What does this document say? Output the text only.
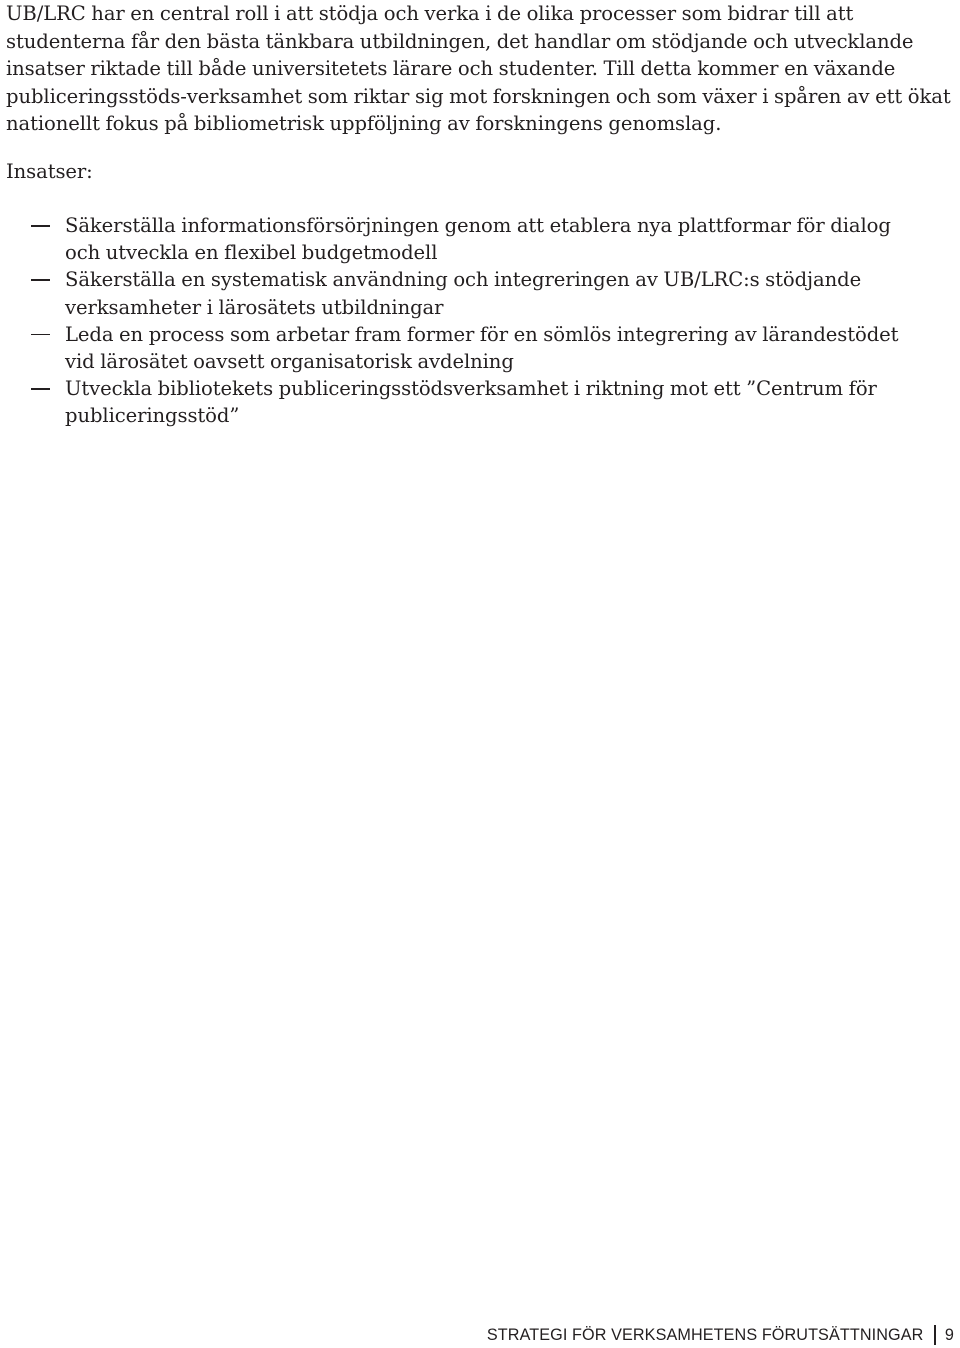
UB/LRC har en central roll i att stödja och verka i de olika processer som bidrar till att studenterna får den bästa tänkbara utbildningen, det handlar om stödjande och utvecklande insatser riktade till både universitetets lärare och studenter. Till detta kommer en växande publiceringsstöds-verksamhet som riktar sig mot forskningen och som växer i spåren av ett ökat nationellt fokus på bibliometrisk uppföljning av forskningens genomslag.

Insatser:

Säkerställa informationsförsörjningen genom att etablera nya plattformar för dialog och utveckla en flexibel budgetmodell
Säkerställa en systematisk användning och integreringen av UB/LRC:s stödjande verksamheter i lärosätets utbildningar
Leda en process som arbetar fram former för en sömlös integrering av lärandestödet vid lärosätet oavsett organisatorisk avdelning
Utveckla bibliotekets publiceringsstödsverksamhet i riktning mot ett ”Centrum för publiceringsstöd”
STRATEGI FÖR VERKSAMHETENS FÖRUTSÄTTNINGAR 9
